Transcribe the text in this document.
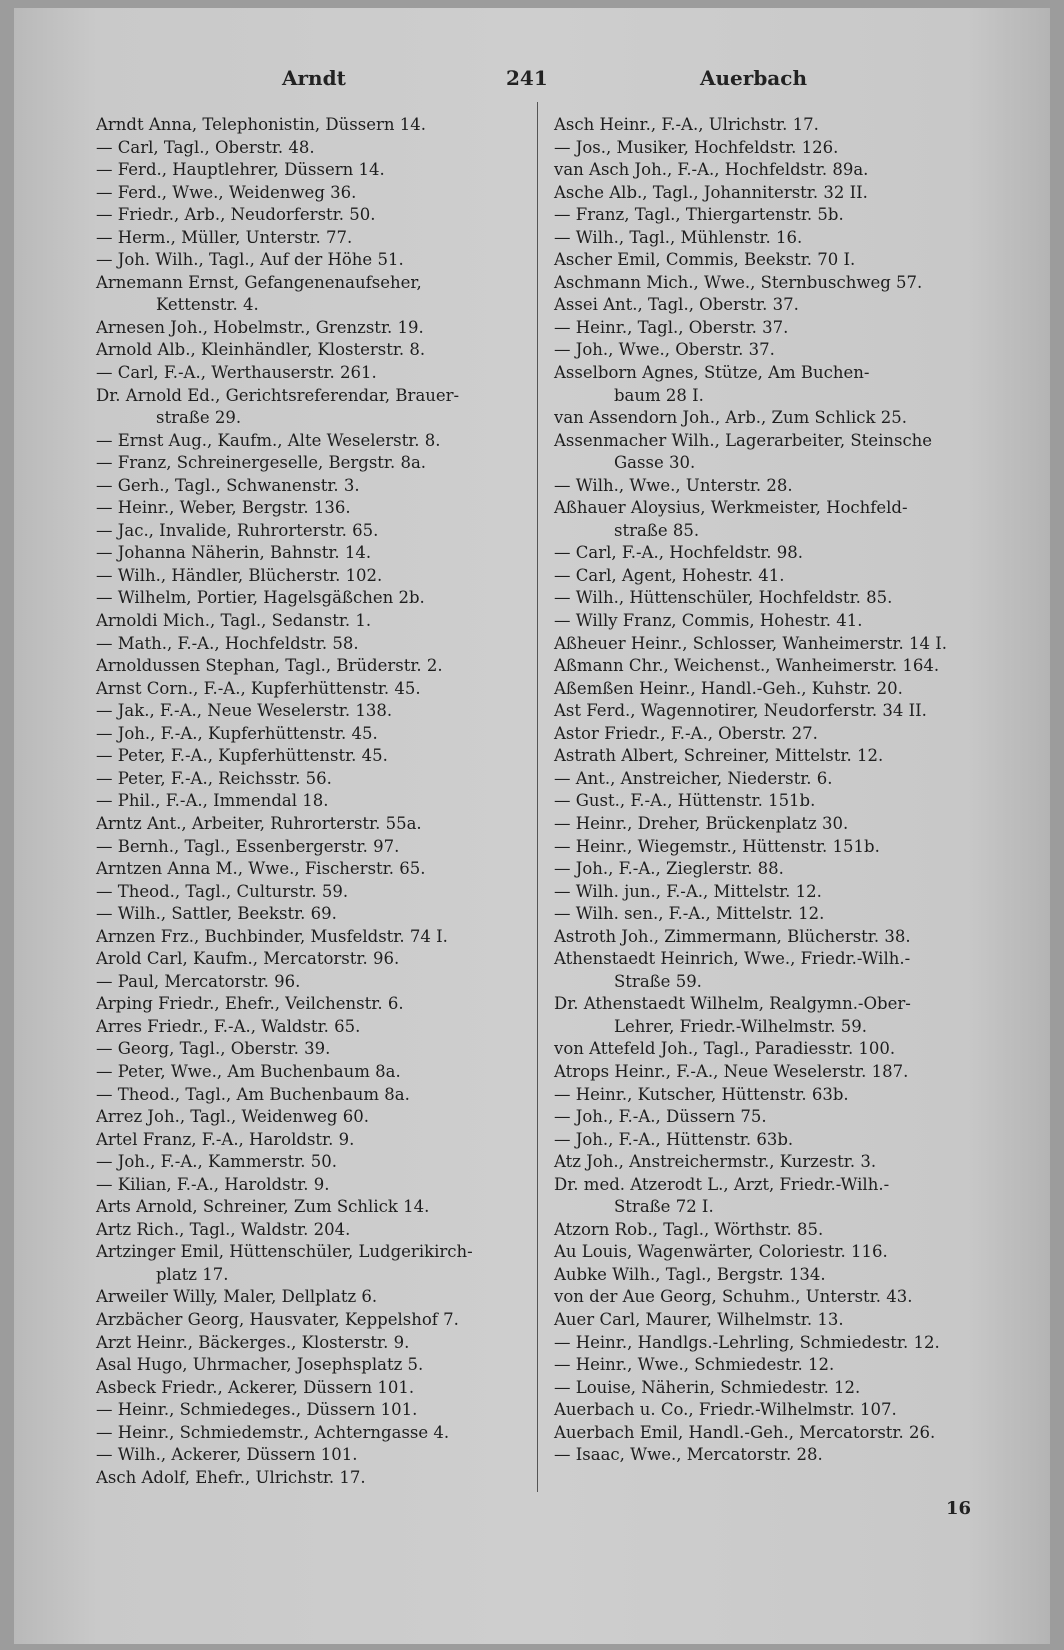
Arndt	241	Auerbach
Arndt Anna, Telephonistin, Düssern 14.
— Carl, Tagl., Oberstr. 48.
— Ferd., Hauptlehrer, Düssern 14.
— Ferd., Wwe., Weidenweg 36.
— Friedr., Arb., Neudorferstr. 50.
— Herm., Müller, Unterstr. 77.
— Joh. Wilh., Tagl., Auf der Höhe 51.
Arnemann Ernst, Gefangenenaufseher,
Kettenstr. 4.
Arnesen Joh., Hobelmstr., Grenzstr. 19.
Arnold Alb., Kleinhändler, Klosterstr. 8.
— Carl, F.-A., Werthauserstr. 261.
Dr. Arnold Ed., Gerichtsreferendar, Brauer-
straße 29.
— Ernst Aug., Kaufm., Alte Weselerstr. 8.
— Franz, Schreinergeselle, Bergstr. 8a.
— Gerh., Tagl., Schwanenstr. 3.
— Heinr., Weber, Bergstr. 136.
— Jac., Invalide, Ruhrorterstr. 65.
— Johanna Näherin, Bahnstr. 14.
— Wilh., Händler, Blücherstr. 102.
— Wilhelm, Portier, Hagelsgäßchen 2b.
Arnoldi Mich., Tagl., Sedanstr. 1.
— Math., F.-A., Hochfeldstr. 58.
Arnoldussen Stephan, Tagl., Brüderstr. 2.
Arnst Corn., F.-A., Kupferhüttenstr. 45.
— Jak., F.-A., Neue Weselerstr. 138.
— Joh., F.-A., Kupferhüttenstr. 45.
— Peter, F.-A., Kupferhüttenstr. 45.
— Peter, F.-A., Reichsstr. 56.
— Phil., F.-A., Immendal 18.
Arntz Ant., Arbeiter, Ruhrorterstr. 55a.
— Bernh., Tagl., Essenbergerstr. 97.
Arntzen Anna M., Wwe., Fischerstr. 65.
— Theod., Tagl., Culturstr. 59.
— Wilh., Sattler, Beekstr. 69.
Arnzen Frz., Buchbinder, Musfeldstr. 74 I.
Arold Carl, Kaufm., Mercatorstr. 96.
— Paul, Mercatorstr. 96.
Arping Friedr., Ehefr., Veilchenstr. 6.
Arres Friedr., F.-A., Waldstr. 65.
— Georg, Tagl., Oberstr. 39.
— Peter, Wwe., Am Buchenbaum 8a.
— Theod., Tagl., Am Buchenbaum 8a.
Arrez Joh., Tagl., Weidenweg 60.
Artel Franz, F.-A., Haroldstr. 9.
— Joh., F.-A., Kammerstr. 50.
— Kilian, F.-A., Haroldstr. 9.
Arts Arnold, Schreiner, Zum Schlick 14.
Artz Rich., Tagl., Waldstr. 204.
Artzinger Emil, Hüttenschüler, Ludgerikirch-
platz 17.
Arweiler Willy, Maler, Dellplatz 6.
Arzbächer Georg, Hausvater, Keppelshof 7.
Arzt Heinr., Bäckerges., Klosterstr. 9.
Asal Hugo, Uhrmacher, Josephsplatz 5.
Asbeck Friedr., Ackerer, Düssern 101.
— Heinr., Schmiedeges., Düssern 101.
— Heinr., Schmiedemstr., Achterngasse 4.
— Wilh., Ackerer, Düssern 101.
Asch Adolf, Ehefr., Ulrichstr. 17.
Asch Heinr., F.-A., Ulrichstr. 17.
— Jos., Musiker, Hochfeldstr. 126.
van Asch Joh., F.-A., Hochfeldstr. 89a.
Asche Alb., Tagl., Johanniterstr. 32 II.
— Franz, Tagl., Thiergartenstr. 5b.
— Wilh., Tagl., Mühlenstr. 16.
Ascher Emil, Commis, Beekstr. 70 I.
Aschmann Mich., Wwe., Sternbuschweg 57.
Assei Ant., Tagl., Oberstr. 37.
— Heinr., Tagl., Oberstr. 37.
— Joh., Wwe., Oberstr. 37.
Asselborn Agnes, Stütze, Am Buchen-
baum 28 I.
van Assendorn Joh., Arb., Zum Schlick 25.
Assenmacher Wilh., Lagerarbeiter, Steinsche
Gasse 30.
— Wilh., Wwe., Unterstr. 28.
Aßhauer Aloysius, Werkmeister, Hochfeld-
straße 85.
— Carl, F.-A., Hochfeldstr. 98.
— Carl, Agent, Hohestr. 41.
— Wilh., Hüttenschüler, Hochfeldstr. 85.
— Willy Franz, Commis, Hohestr. 41.
Aßheuer Heinr., Schlosser, Wanheimerstr. 14 I.
Aßmann Chr., Weichenst., Wanheimerstr. 164.
Aßemßen Heinr., Handl.-Geh., Kuhstr. 20.
Ast Ferd., Wagennotirer, Neudorferstr. 34 II.
Astor Friedr., F.-A., Oberstr. 27.
Astrath Albert, Schreiner, Mittelstr. 12.
— Ant., Anstreicher, Niederstr. 6.
— Gust., F.-A., Hüttenstr. 151b.
— Heinr., Dreher, Brückenplatz 30.
— Heinr., Wiegemstr., Hüttenstr. 151b.
— Joh., F.-A., Zieglerstr. 88.
— Wilh. jun., F.-A., Mittelstr. 12.
— Wilh. sen., F.-A., Mittelstr. 12.
Astroth Joh., Zimmermann, Blücherstr. 38.
Athenstaedt Heinrich, Wwe., Friedr.-Wilh.-
Straße 59.
Dr. Athenstaedt Wilhelm, Realgymn.-Ober-
Lehrer, Friedr.-Wilhelmstr. 59.
von Attefeld Joh., Tagl., Paradiesstr. 100.
Atrops Heinr., F.-A., Neue Weselerstr. 187.
— Heinr., Kutscher, Hüttenstr. 63b.
— Joh., F.-A., Düssern 75.
— Joh., F.-A., Hüttenstr. 63b.
Atz Joh., Anstreichermstr., Kurzestr. 3.
Dr. med. Atzerodt L., Arzt, Friedr.-Wilh.-
Straße 72 I.
Atzorn Rob., Tagl., Wörthstr. 85.
Au Louis, Wagenwärter, Coloriestr. 116.
Aubke Wilh., Tagl., Bergstr. 134.
von der Aue Georg, Schuhm., Unterstr. 43.
Auer Carl, Maurer, Wilhelmstr. 13.
— Heinr., Handlgs.-Lehrling, Schmiedestr. 12.
— Heinr., Wwe., Schmiedestr. 12.
— Louise, Näherin, Schmiedestr. 12.
Auerbach u. Co., Friedr.-Wilhelmstr. 107.
Auerbach Emil, Handl.-Geh., Mercatorstr. 26.
— Isaac, Wwe., Mercatorstr. 28.
16
